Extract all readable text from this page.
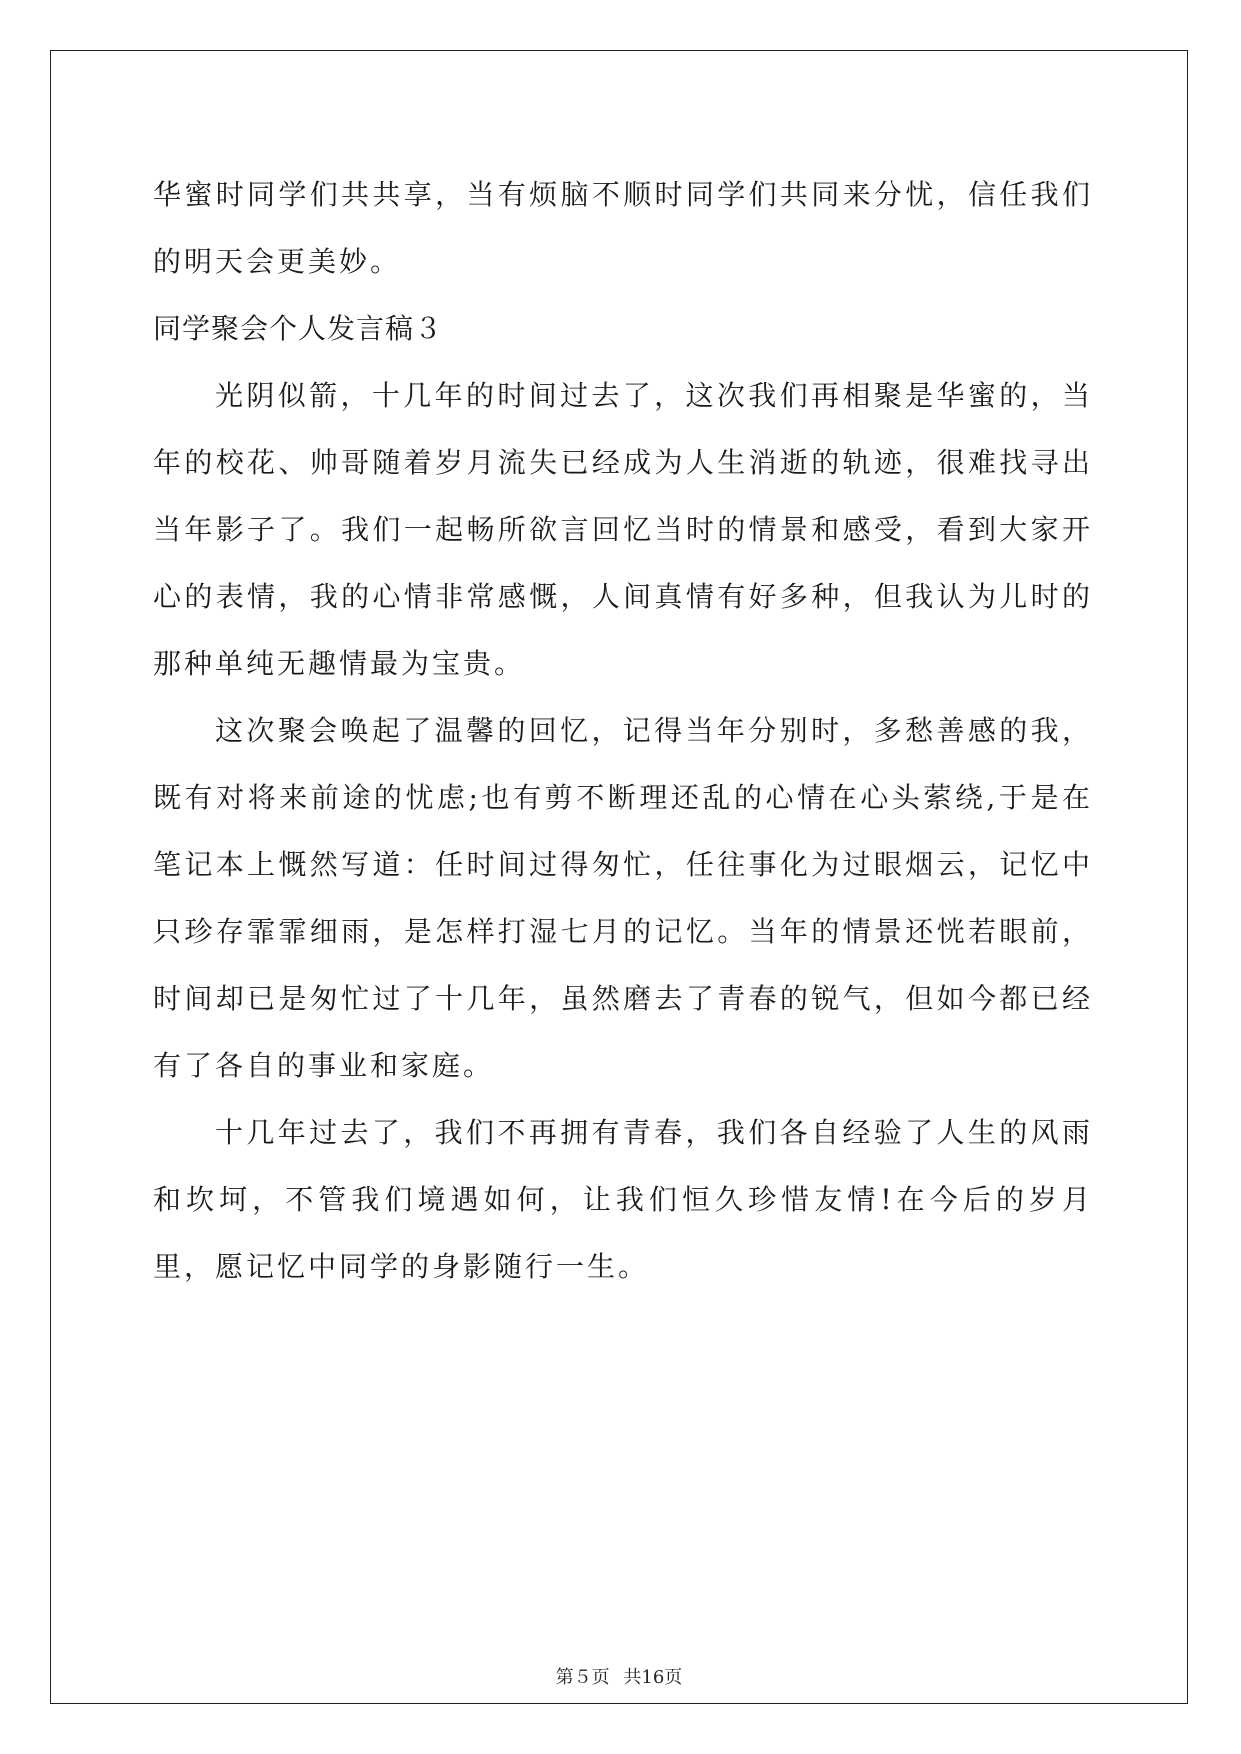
华蜜时同学们共共享，当有烦脑不顺时同学们共同来分忧，信任我们的明天会更美妙。

同学聚会个人发言稿３

光阴似箭，十几年的时间过去了，这次我们再相聚是华蜜的，当年的校花、帅哥随着岁月流失已经成为人生消逝的轨迹，很难找寻出当年影子了。我们一起畅所欲言回忆当时的情景和感受，看到大家开心的表情，我的心情非常感慨，人间真情有好多种，但我认为儿时的那种单纯无趣情最为宝贵。

这次聚会唤起了温馨的回忆，记得当年分别时，多愁善感的我，既有对将来前途的忧虑;也有剪不断理还乱的心情在心头萦绕,于是在笔记本上慨然写道：任时间过得匆忙，任往事化为过眼烟云，记忆中只珍存霏霏细雨，是怎样打湿七月的记忆。当年的情景还恍若眼前，时间却已是匆忙过了十几年，虽然磨去了青春的锐气，但如今都已经有了各自的事业和家庭。

十几年过去了，我们不再拥有青春，我们各自经验了人生的风雨和坎坷，不管我们境遇如何，让我们恒久珍惜友情!在今后的岁月里，愿记忆中同学的身影随行一生。

第５页 共16页
